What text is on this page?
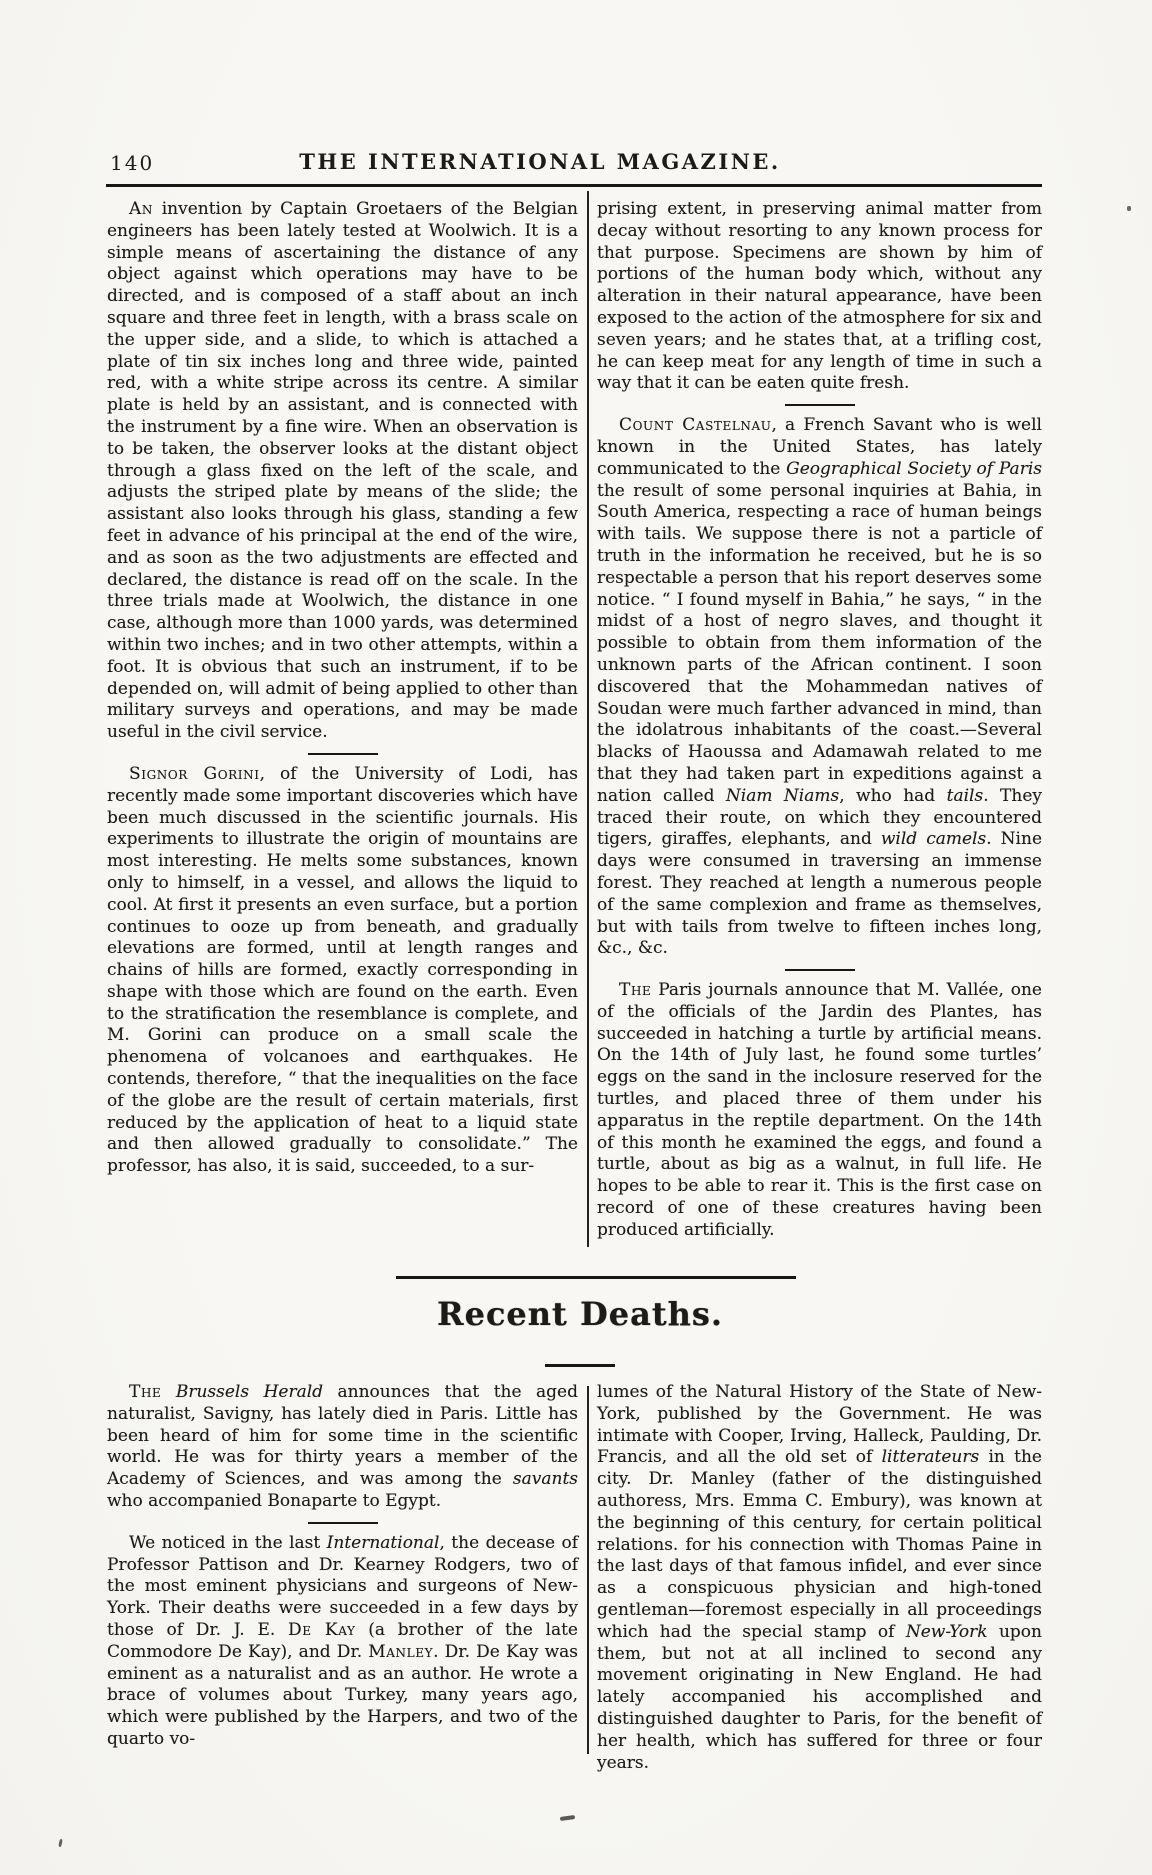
140	THE INTERNATIONAL MAGAZINE.

An invention by Captain Groetaers of the Belgian engineers has been lately tested at Woolwich. It is a simple means of ascertaining the distance of any object against which operations may have to be directed, and is composed of a staff about an inch square and three feet in length, with a brass scale on the upper side, and a slide, to which is attached a plate of tin six inches long and three wide, painted red, with a white stripe across its centre. A similar plate is held by an assistant, and is connected with the instrument by a fine wire. When an observation is to be taken, the observer looks at the distant object through a glass fixed on the left of the scale, and adjusts the striped plate by means of the slide; the assistant also looks through his glass, standing a few feet in advance of his principal at the end of the wire, and as soon as the two adjustments are effected and declared, the distance is read off on the scale. In the three trials made at Woolwich, the distance in one case, although more than 1000 yards, was determined within two inches; and in two other attempts, within a foot. It is obvious that such an instrument, if to be depended on, will admit of being applied to other than military surveys and operations, and may be made useful in the civil service.

Signor Gorini, of the University of Lodi, has recently made some important discoveries which have been much discussed in the scientific journals. His experiments to illustrate the origin of mountains are most interesting. He melts some substances, known only to himself, in a vessel, and allows the liquid to cool. At first it presents an even surface, but a portion continues to ooze up from beneath, and gradually elevations are formed, until at length ranges and chains of hills are formed, exactly corresponding in shape with those which are found on the earth. Even to the stratification the resemblance is complete, and M. Gorini can produce on a small scale the phenomena of volcanoes and earthquakes. He contends, therefore, “ that the inequalities on the face of the globe are the result of certain materials, first reduced by the application of heat to a liquid state and then allowed gradually to consolidate.” The professor, has also, it is said, succeeded, to a sur-

prising extent, in preserving animal matter from decay without resorting to any known process for that purpose. Specimens are shown by him of portions of the human body which, without any alteration in their natural appearance, have been exposed to the action of the atmosphere for six and seven years; and he states that, at a trifling cost, he can keep meat for any length of time in such a way that it can be eaten quite fresh.

Count Castelnau, a French Savant who is well known in the United States, has lately communicated to the Geographical Society of Paris the result of some personal inquiries at Bahia, in South America, respecting a race of human beings with tails. We suppose there is not a particle of truth in the information he received, but he is so respectable a person that his report deserves some notice. “ I found myself in Bahia,” he says, “ in the midst of a host of negro slaves, and thought it possible to obtain from them information of the unknown parts of the African continent. I soon discovered that the Mohammedan natives of Soudan were much farther advanced in mind, than the idolatrous inhabitants of the coast.—Several blacks of Haoussa and Adamawah related to me that they had taken part in expeditions against a nation called Niam Niams, who had tails. They traced their route, on which they encountered tigers, giraffes, elephants, and wild camels. Nine days were consumed in traversing an immense forest. They reached at length a numerous people of the same complexion and frame as themselves, but with tails from twelve to fifteen inches long, &c., &c.

The Paris journals announce that M. Vallée, one of the officials of the Jardin des Plantes, has succeeded in hatching a turtle by artificial means. On the 14th of July last, he found some turtles’ eggs on the sand in the inclosure reserved for the turtles, and placed three of them under his apparatus in the reptile department. On the 14th of this month he examined the eggs, and found a turtle, about as big as a walnut, in full life. He hopes to be able to rear it. This is the first case on record of one of these creatures having been produced artificially.

Recent Deaths.

The Brussels Herald announces that the aged naturalist, Savigny, has lately died in Paris. Little has been heard of him for some time in the scientific world. He was for thirty years a member of the Academy of Sciences, and was among the savants who accompanied Bonaparte to Egypt.

We noticed in the last International, the decease of Professor Pattison and Dr. Kearney Rodgers, two of the most eminent physicians and surgeons of New-York. Their deaths were succeeded in a few days by those of Dr. J. E. De Kay (a brother of the late Commodore De Kay), and Dr. Manley. Dr. De Kay was eminent as a naturalist and as an author. He wrote a brace of volumes about Turkey, many years ago, which were published by the Harpers, and two of the quarto vo-

lumes of the Natural History of the State of New-York, published by the Government. He was intimate with Cooper, Irving, Halleck, Paulding, Dr. Francis, and all the old set of litterateurs in the city. Dr. Manley (father of the distinguished authoress, Mrs. Emma C. Embury), was known at the beginning of this century, for certain political relations. for his connection with Thomas Paine in the last days of that famous infidel, and ever since as a conspicuous physician and high-toned gentleman—foremost especially in all proceedings which had the special stamp of New-York upon them, but not at all inclined to second any movement originating in New England. He had lately accompanied his accomplished and distinguished daughter to Paris, for the benefit of her health, which has suffered for three or four years.
